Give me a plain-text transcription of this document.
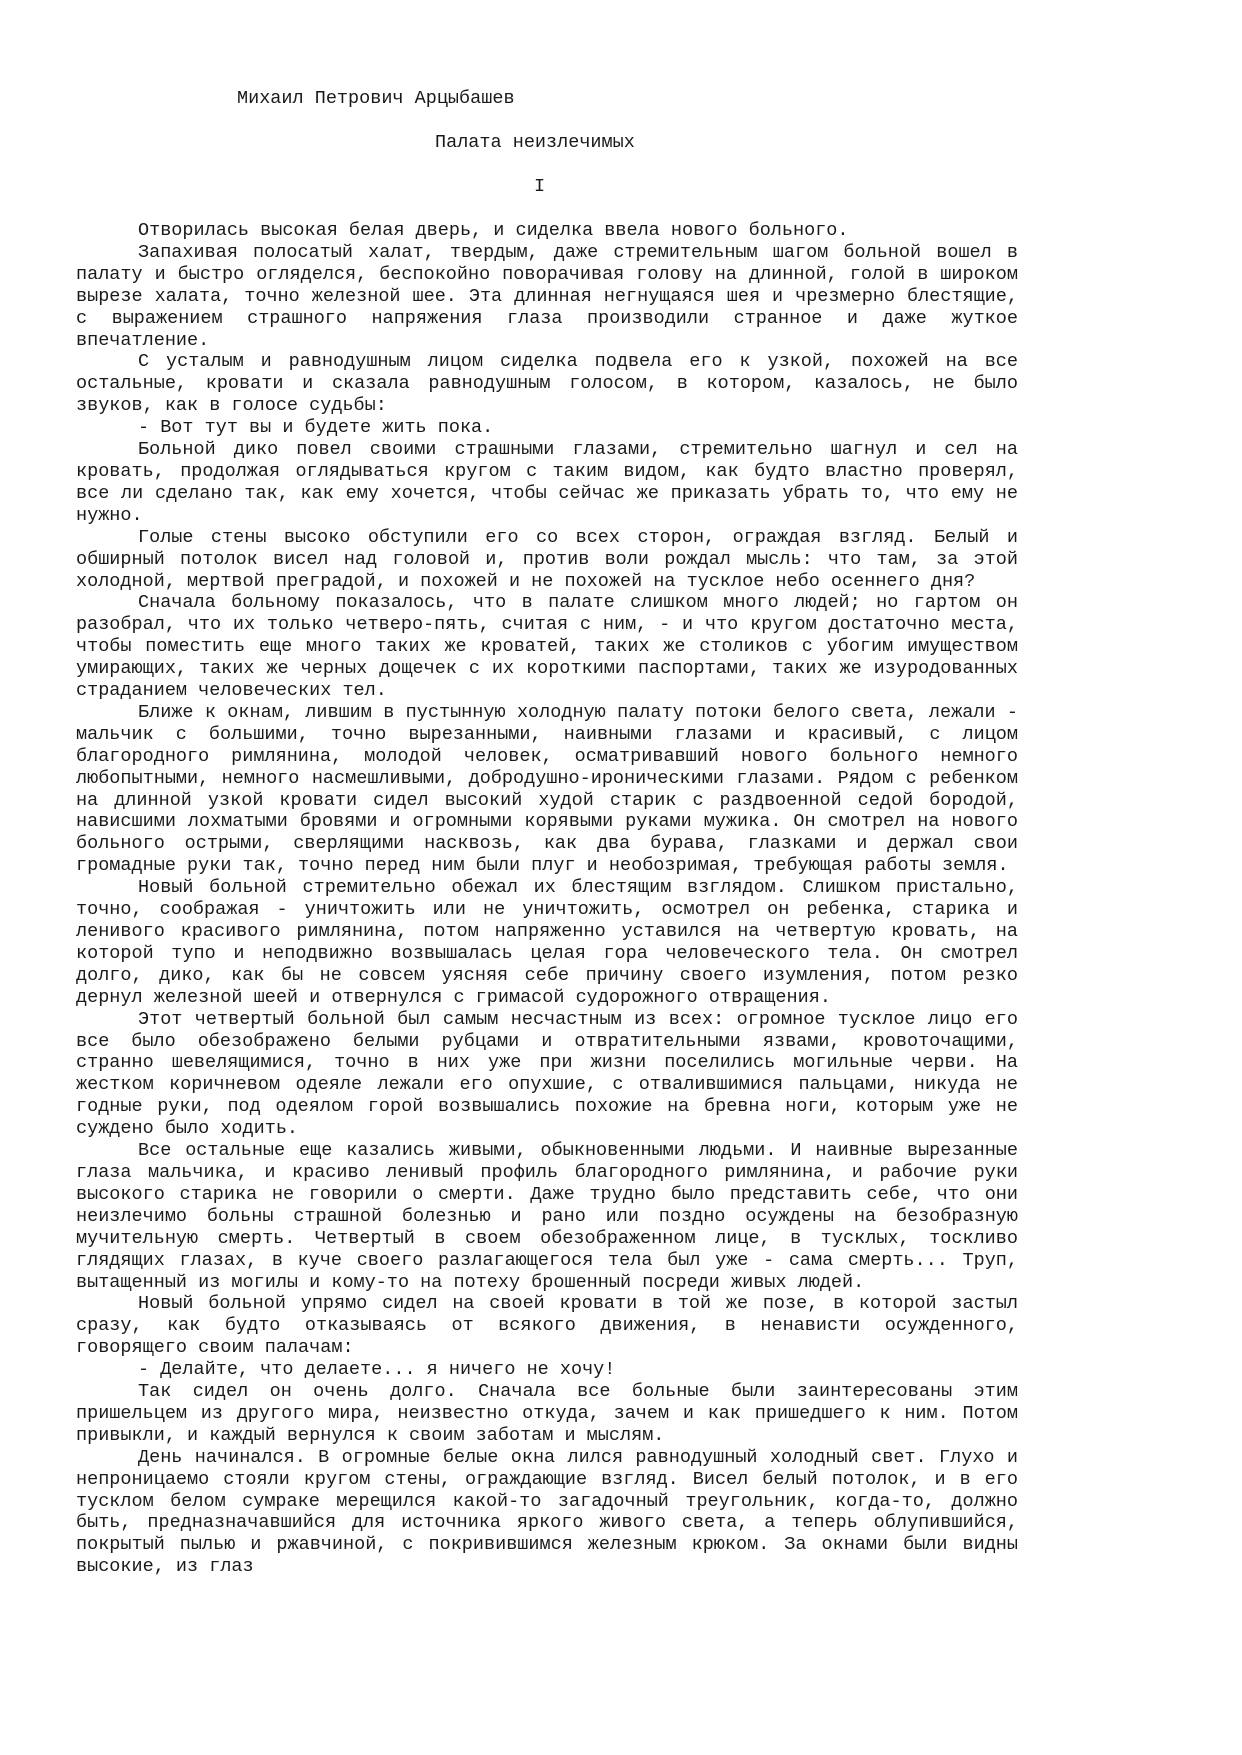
Михаил Петрович Арцыбашев
Палата неизлечимых
I

Отворилась высокая белая дверь, и сиделка ввела нового больного.

Запахивая полосатый халат, твердым, даже стремительным шагом больной вошел в палату и быстро огляделся, беспокойно поворачивая голову на длинной, голой в широком вырезе халата, точно железной шее. Эта длинная негнущаяся шея и чрезмерно блестящие, с выражением страшного напряжения глаза производили странное и даже жуткое впечатление.

С усталым и равнодушным лицом сиделка подвела его к узкой, похожей на все остальные, кровати и сказала равнодушным голосом, в котором, казалось, не было звуков, как в голосе судьбы:

- Вот тут вы и будете жить пока.

Больной дико повел своими страшными глазами, стремительно шагнул и сел на кровать, продолжая оглядываться кругом с таким видом, как будто властно проверял, все ли сделано так, как ему хочется, чтобы сейчас же приказать убрать то, что ему не нужно.

Голые стены высоко обступили его со всех сторон, ограждая взгляд. Белый и обширный потолок висел над головой и, против воли рождал мысль: что там, за этой холодной, мертвой преградой, и похожей и не похожей на тусклое небо осеннего дня?

Сначала больному показалось, что в палате слишком много людей; но гартом он разобрал, что их только четверо-пять, считая с ним, - и что кругом достаточно места, чтобы поместить еще много таких же кроватей, таких же столиков с убогим имуществом умирающих, таких же черных дощечек с их короткими паспортами, таких же изуродованных страданием человеческих тел.

Ближе к окнам, лившим в пустынную холодную палату потоки белого света, лежали - мальчик с большими, точно вырезанными, наивными глазами и красивый, с лицом благородного римлянина, молодой человек, осматривавший нового больного немного любопытными, немного насмешливыми, добродушно-ироническими глазами. Рядом с ребенком на длинной узкой кровати сидел высокий худой старик с раздвоенной седой бородой, нависшими лохматыми бровями и огромными корявыми руками мужика. Он смотрел на нового больного острыми, сверлящими насквозь, как два бурава, глазками и держал свои громадные руки так, точно перед ним были плуг и необозримая, требующая работы земля.

Новый больной стремительно обежал их блестящим взглядом. Слишком пристально, точно, соображая - уничтожить или не уничтожить, осмотрел он ребенка, старика и ленивого красивого римлянина, потом напряженно уставился на четвертую кровать, на которой тупо и неподвижно возвышалась целая гора человеческого тела. Он смотрел долго, дико, как бы не совсем уясняя себе причину своего изумления, потом резко дернул железной шеей и отвернулся с гримасой судорожного отвращения.

Этот четвертый больной был самым несчастным из всех: огромное тусклое лицо его все было обезображено белыми рубцами и отвратительными язвами, кровоточащими, странно шевелящимися, точно в них уже при жизни поселились могильные черви. На жестком коричневом одеяле лежали его опухшие, с отвалившимися пальцами, никуда не годные руки, под одеялом горой возвышались похожие на бревна ноги, которым уже не суждено было ходить.

Все остальные еще казались живыми, обыкновенными людьми. И наивные вырезанные глаза мальчика, и красиво ленивый профиль благородного римлянина, и рабочие руки высокого старика не говорили о смерти. Даже трудно было представить себе, что они неизлечимо больны страшной болезнью и рано или поздно осуждены на безобразную мучительную смерть. Четвертый в своем обезображенном лице, в тусклых, тоскливо глядящих глазах, в куче своего разлагающегося тела был уже - сама смерть... Труп, вытащенный из могилы и кому-то на потеху брошенный посреди живых людей.

Новый больной упрямо сидел на своей кровати в той же позе, в которой застыл сразу, как будто отказываясь от всякого движения, в ненависти осужденного, говорящего своим палачам:

- Делайте, что делаете... я ничего не хочу!

Так сидел он очень долго. Сначала все больные были заинтересованы этим пришельцем из другого мира, неизвестно откуда, зачем и как пришедшего к ним. Потом привыкли, и каждый вернулся к своим заботам и мыслям.

День начинался. В огромные белые окна лился равнодушный холодный свет. Глухо и непроницаемо стояли кругом стены, ограждающие взгляд. Висел белый потолок, и в его тусклом белом сумраке мерещился какой-то загадочный треугольник, когда-то, должно быть, предназначавшийся для источника яркого живого света, а теперь облупившийся, покрытый пылью и ржавчиной, с покривившимся железным крюком. За окнами были видны высокие, из глаз
